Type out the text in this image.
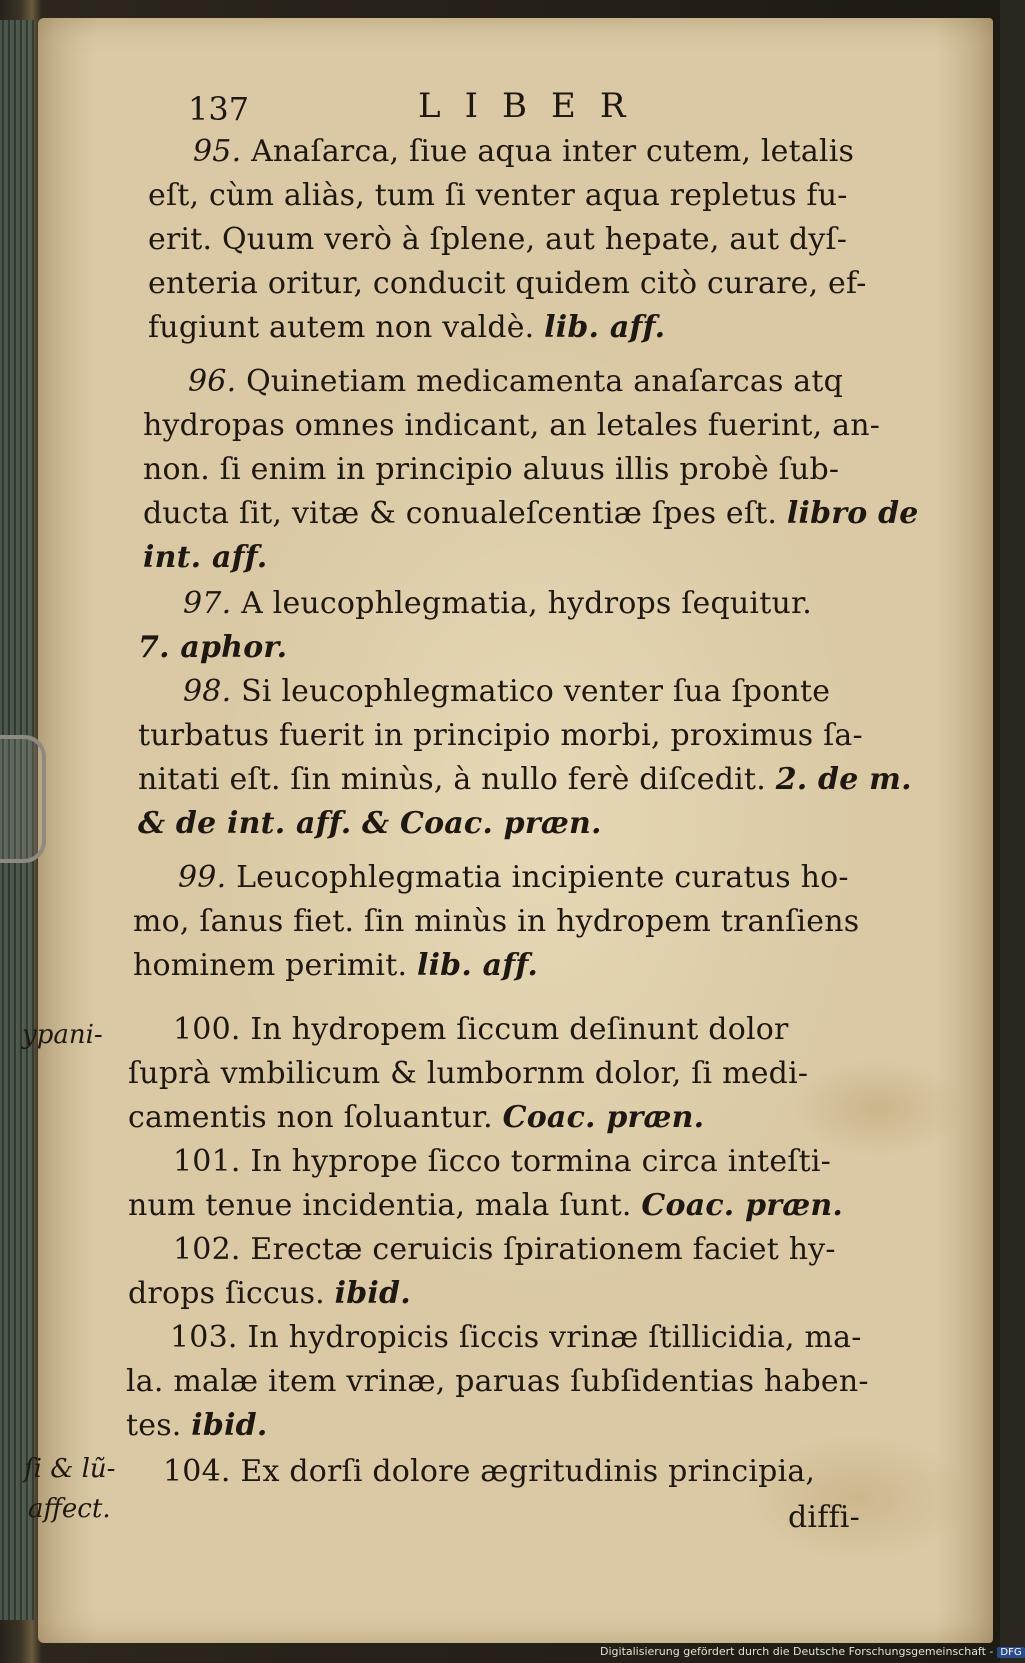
137	LIBER
95. Anaſarca, ſiue aqua inter cutem, letalis
eſt, cùm aliàs, tum ſi venter aqua repletus fu-
erit. Quum verò à ſplene, aut hepate, aut dyſ-
enteria oritur, conducit quidem citò curare, ef-
fugiunt autem non valdè. lib. aff.
96. Quinetiam medicamenta anaſarcas atq
hydropas omnes indicant, an letales fuerint, an-
non. ſi enim in principio aluus illis probè ſub-
ducta ſit, vitæ & conualeſcentiæ ſpes eſt. libro de
int. aff.
97. A leucophlegmatia, hydrops ſequitur.
7. aphor.
98. Si leucophlegmatico venter ſua ſponte
turbatus fuerit in principio morbi, proximus ſa-
nitati eſt. ſin minùs, à nullo ferè diſcedit. 2. de m.
& de int. aff. & Coac. præn.
99. Leucophlegmatia incipiente curatus ho-
mo, ſanus fiet. ſin minùs in hydropem tranſiens
hominem perimit. lib. aff.
100. In hydropem ſiccum deſinunt dolor
ſuprà vmbilicum & lumbornm dolor, ſi medi-
camentis non ſoluantur. Coac. præn.
101. In hyprope ſicco tormina circa inteſti-
num tenue incidentia, mala ſunt. Coac. præn.
102. Erectæ ceruicis ſpirationem faciet hy-
drops ſiccus. ibid.
103. In hydropicis ſiccis vrinæ ſtillicidia, ma-
la. malæ item vrinæ, paruas ſubſidentias haben-
tes. ibid.
104. Ex dorſi dolore ægritudinis principia,
diffi-
ypani-
ſi & lũ-
affect.
Digitalisierung gefördert durch die Deutsche Forschungsgemeinschaft - DFG
